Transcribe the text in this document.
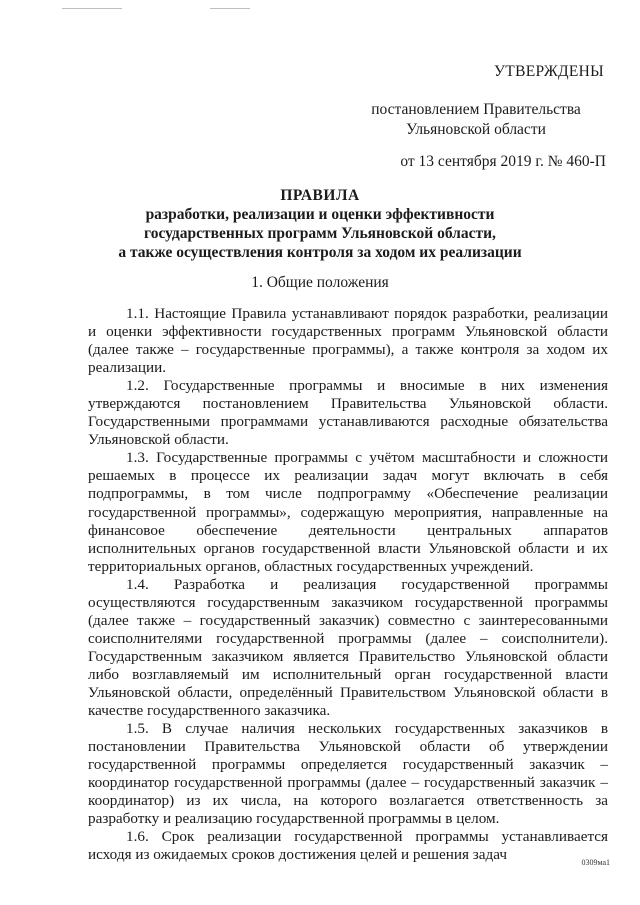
УТВЕРЖДЕНЫ
постановлением Правительства
Ульяновской области
от 13 сентября 2019 г. № 460-П
ПРАВИЛА
разработки, реализации и оценки эффективности
государственных программ Ульяновской области,
а также осуществления контроля за ходом их реализации
1. Общие положения

1.1. Настоящие Правила устанавливают порядок разработки, реализации и оценки эффективности государственных программ Ульяновской области (далее также – государственные программы), а также контроля за ходом их реализации.

1.2. Государственные программы и вносимые в них изменения утверждаются постановлением Правительства Ульяновской области. Государственными программами устанавливаются расходные обязательства Ульяновской области.

1.3. Государственные программы с учётом масштабности и сложности решаемых в процессе их реализации задач могут включать в себя подпрограммы, в том числе подпрограмму «Обеспечение реализации государственной программы», содержащую мероприятия, направленные на финансовое обеспечение деятельности центральных аппаратов исполнительных органов государственной власти Ульяновской области и их территориальных органов, областных государственных учреждений.

1.4. Разработка и реализация государственной программы осуществляются государственным заказчиком государственной программы (далее также – государственный заказчик) совместно с заинтересованными соисполнителями государственной программы (далее – соисполнители). Государственным заказчиком является Правительство Ульяновской области либо возглавляемый им исполнительный орган государственной власти Ульяновской области, определённый Правительством Ульяновской области в качестве государственного заказчика.

1.5. В случае наличия нескольких государственных заказчиков в постановлении Правительства Ульяновской области об утверждении государственной программы определяется государственный заказчик – координатор государственной программы (далее – государственный заказчик – координатор) из их числа, на которого возлагается ответственность за разработку и реализацию государственной программы в целом.

1.6. Срок реализации государственной программы устанавливается исходя из ожидаемых сроков достижения целей и решения задач	0309ма1
